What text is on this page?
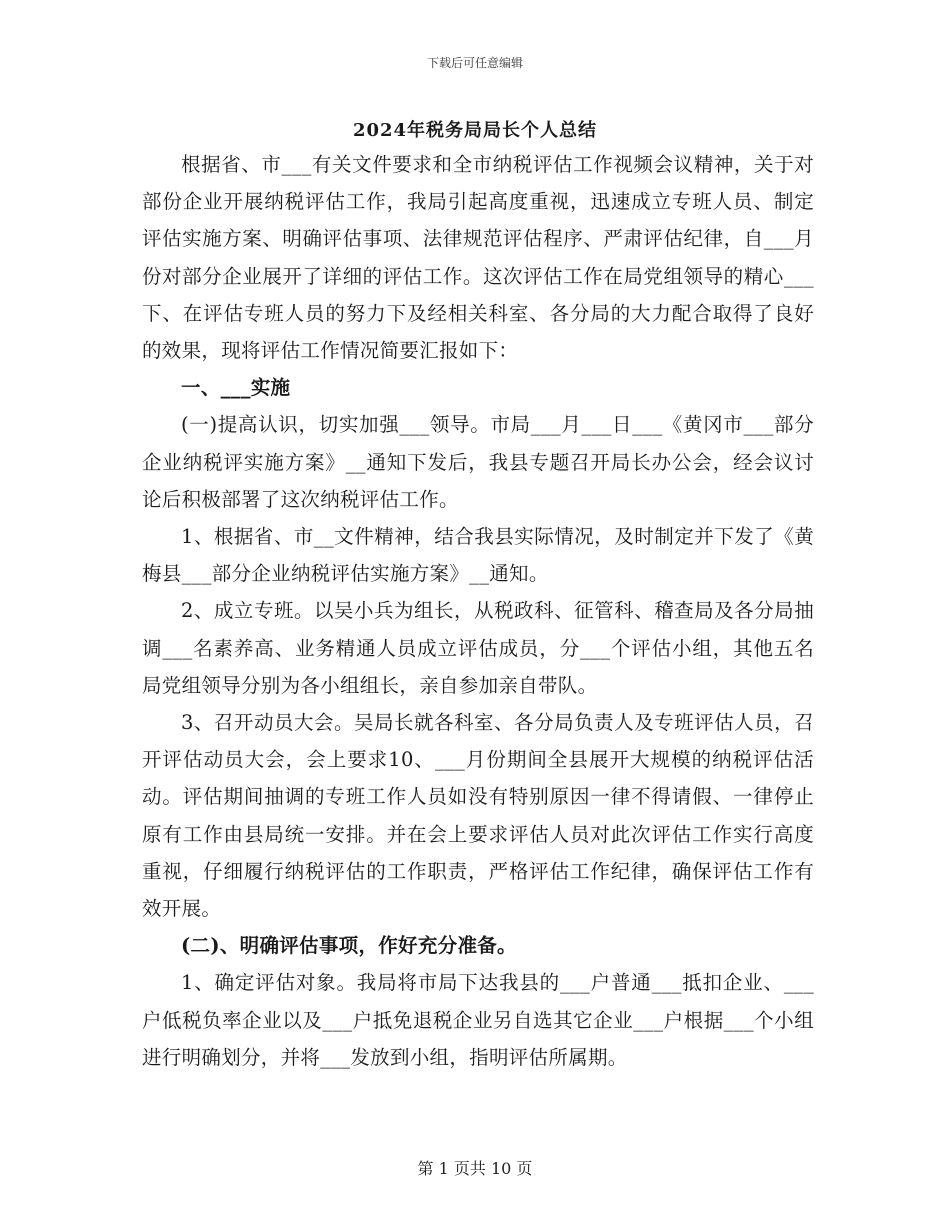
下载后可任意编辑
2024年税务局局长个人总结

根据省、市___有关文件要求和全市纳税评估工作视频会议精神，关于对部份企业开展纳税评估工作，我局引起高度重视，迅速成立专班人员、制定评估实施方案、明确评估事项、法律规范评估程序、严肃评估纪律，自___月份对部分企业展开了详细的评估工作。这次评估工作在局党组领导的精心___下、在评估专班人员的努力下及经相关科室、各分局的大力配合取得了良好的效果，现将评估工作情况简要汇报如下：

一、___实施

(一)提高认识，切实加强___领导。市局___月___日___《黄冈市___部分企业纳税评实施方案》__通知下发后，我县专题召开局长办公会，经会议讨论后积极部署了这次纳税评估工作。

1、根据省、市__文件精神，结合我县实际情况，及时制定并下发了《黄梅县___部分企业纳税评估实施方案》__通知。

2、成立专班。以吴小兵为组长，从税政科、征管科、稽查局及各分局抽调___名素养高、业务精通人员成立评估成员，分___个评估小组，其他五名局党组领导分别为各小组组长，亲自参加亲自带队。

3、召开动员大会。吴局长就各科室、各分局负责人及专班评估人员，召开评估动员大会，会上要求10、___月份期间全县展开大规模的纳税评估活动。评估期间抽调的专班工作人员如没有特别原因一律不得请假、一律停止原有工作由县局统一安排。并在会上要求评估人员对此次评估工作实行高度重视，仔细履行纳税评估的工作职责，严格评估工作纪律，确保评估工作有效开展。

(二)、明确评估事项，作好充分准备。

1、确定评估对象。我局将市局下达我县的___户普通___抵扣企业、___户低税负率企业以及___户抵免退税企业另自选其它企业___户根据___个小组进行明确划分，并将___发放到小组，指明评估所属期。

第 1 页共 10 页
